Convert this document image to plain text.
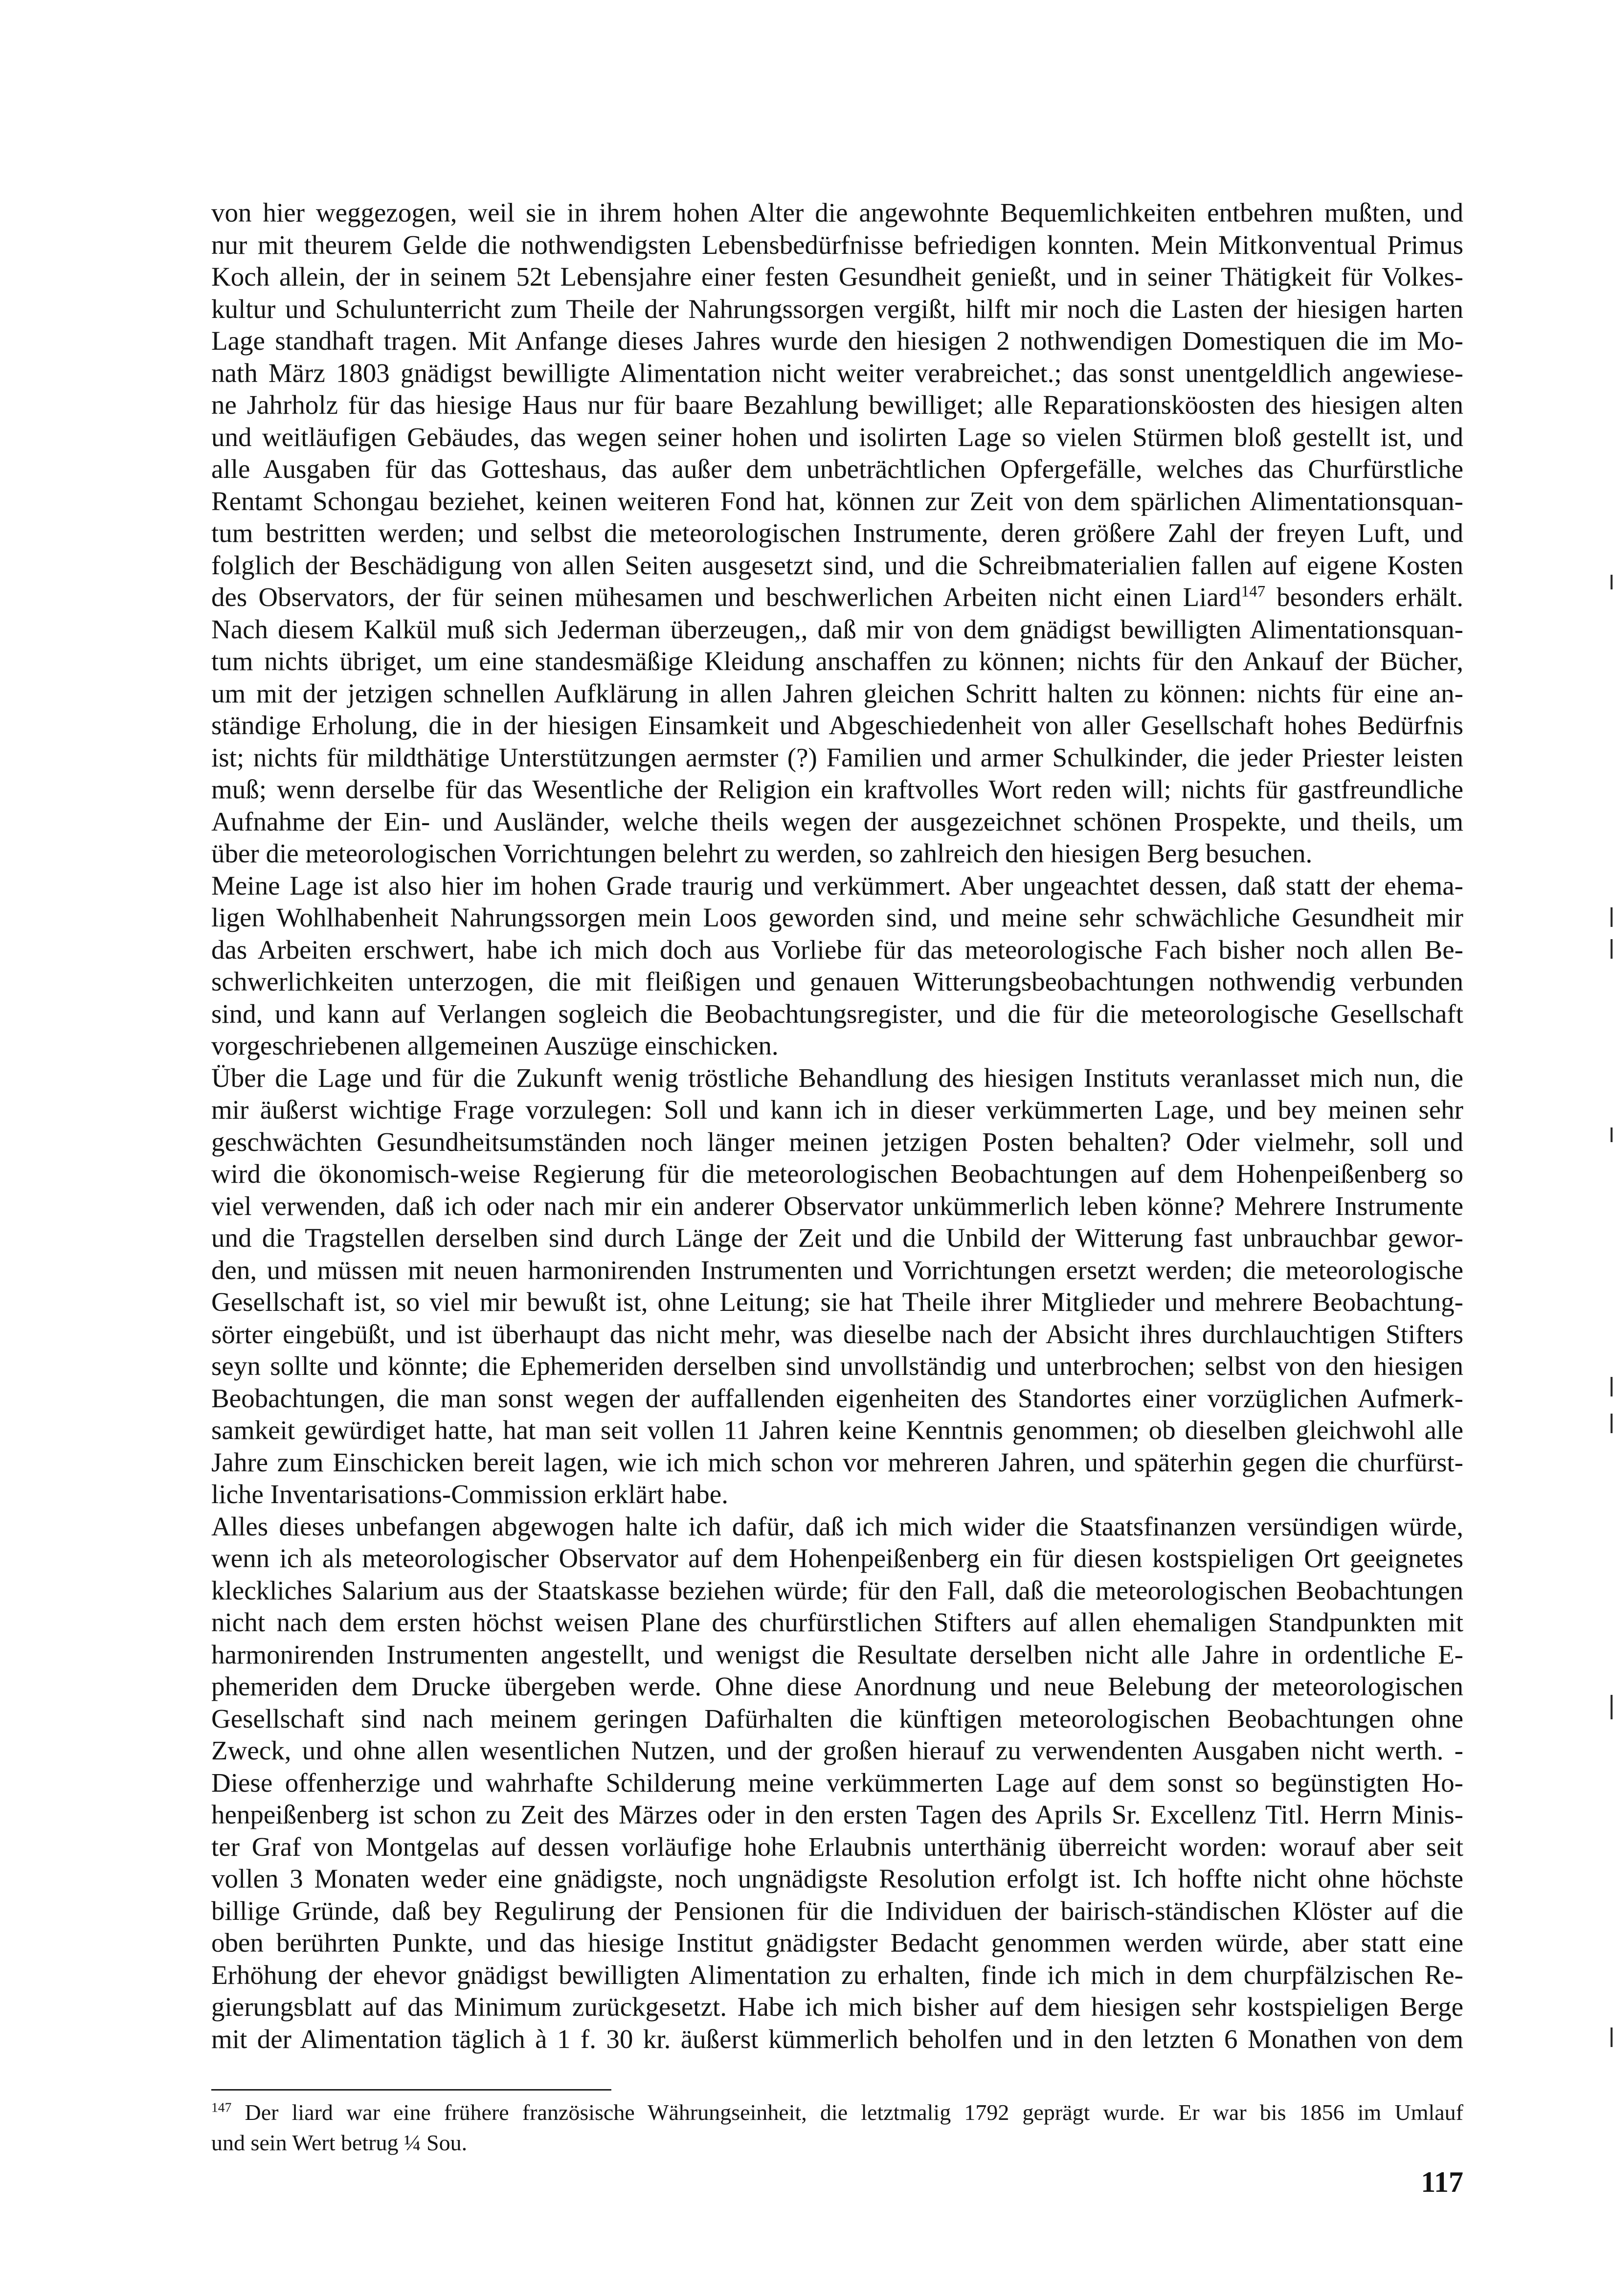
von hier weggezogen, weil sie in ihrem hohen Alter die angewohnte Bequemlichkeiten entbehren mußten, und
nur mit theurem Gelde die nothwendigsten Lebensbedürfnisse befriedigen konnten. Mein Mitkonventual Primus
Koch allein, der in seinem 52t Lebensjahre einer festen Gesundheit genießt, und in seiner Thätigkeit für Volkes-
kultur und Schulunterricht zum Theile der Nahrungssorgen vergißt, hilft mir noch die Lasten der hiesigen harten
Lage standhaft tragen. Mit Anfange dieses Jahres wurde den hiesigen 2 nothwendigen Domestiquen die im Mo-
nath März 1803 gnädigst bewilligte Alimentation nicht weiter verabreichet.; das sonst unentgeldlich angewiese-
ne Jahrholz für das hiesige Haus nur für baare Bezahlung bewilliget; alle Reparationsköosten des hiesigen alten
und weitläufigen Gebäudes, das wegen seiner hohen und isolirten Lage so vielen Stürmen bloß gestellt ist, und
alle Ausgaben für das Gotteshaus, das außer dem unbeträchtlichen Opfergefälle, welches das Churfürstliche
Rentamt Schongau beziehet, keinen weiteren Fond hat, können zur Zeit von dem spärlichen Alimentationsquan-
tum bestritten werden; und selbst die meteorologischen Instrumente, deren größere Zahl der freyen Luft, und
folglich der Beschädigung von allen Seiten ausgesetzt sind, und die Schreibmaterialien fallen auf eigene Kosten
des Observators, der für seinen mühesamen und beschwerlichen Arbeiten nicht einen Liard$^{147}$ besonders erhält.
Nach diesem Kalkül muß sich Jederman überzeugen,, daß mir von dem gnädigst bewilligten Alimentationsquan-
tum nichts übriget, um eine standesmäßige Kleidung anschaffen zu können; nichts für den Ankauf der Bücher,
um mit der jetzigen schnellen Aufklärung in allen Jahren gleichen Schritt halten zu können: nichts für eine an-
ständige Erholung, die in der hiesigen Einsamkeit und Abgeschiedenheit von aller Gesellschaft hohes Bedürfnis
ist; nichts für mildthätige Unterstützungen aermster (?) Familien und armer Schulkinder, die jeder Priester leisten
muß; wenn derselbe für das Wesentliche der Religion ein kraftvolles Wort reden will; nichts für gastfreundliche
Aufnahme der Ein- und Ausländer, welche theils wegen der ausgezeichnet schönen Prospekte, und theils, um
über die meteorologischen Vorrichtungen belehrt zu werden, so zahlreich den hiesigen Berg besuchen.
Meine Lage ist also hier im hohen Grade traurig und verkümmert. Aber ungeachtet dessen, daß statt der ehema-
ligen Wohlhabenheit Nahrungssorgen mein Loos geworden sind, und meine sehr schwächliche Gesundheit mir
das Arbeiten erschwert, habe ich mich doch aus Vorliebe für das meteorologische Fach bisher noch allen Be-
schwerlichkeiten unterzogen, die mit fleißigen und genauen Witterungsbeobachtungen nothwendig verbunden
sind, und kann auf Verlangen sogleich die Beobachtungsregister, und die für die meteorologische Gesellschaft
vorgeschriebenen allgemeinen Auszüge einschicken.
Über die Lage und für die Zukunft wenig tröstliche Behandlung des hiesigen Instituts veranlasset mich nun, die
mir äußerst wichtige Frage vorzulegen: Soll und kann ich in dieser verkümmerten Lage, und bey meinen sehr
geschwächten Gesundheitsumständen noch länger meinen jetzigen Posten behalten? Oder vielmehr, soll und
wird die ökonomisch-weise Regierung für die meteorologischen Beobachtungen auf dem Hohenpeißenberg so
viel verwenden, daß ich oder nach mir ein anderer Observator unkümmerlich leben könne? Mehrere Instrumente
und die Tragstellen derselben sind durch Länge der Zeit und die Unbild der Witterung fast unbrauchbar gewor-
den, und müssen mit neuen harmonirenden Instrumenten und Vorrichtungen ersetzt werden; die meteorologische
Gesellschaft ist, so viel mir bewußt ist, ohne Leitung; sie hat Theile ihrer Mitglieder und mehrere Beobachtung-
sörter eingebüßt, und ist überhaupt das nicht mehr, was dieselbe nach der Absicht ihres durchlauchtigen Stifters
seyn sollte und könnte; die Ephemeriden derselben sind unvollständig und unterbrochen; selbst von den hiesigen
Beobachtungen, die man sonst wegen der auffallenden eigenheiten des Standortes einer vorzüglichen Aufmerk-
samkeit gewürdiget hatte, hat man seit vollen 11 Jahren keine Kenntnis genommen; ob dieselben gleichwohl alle
Jahre zum Einschicken bereit lagen, wie ich mich schon vor mehreren Jahren, und späterhin gegen die churfürst-
liche Inventarisations-Commission erklärt habe.
Alles dieses unbefangen abgewogen halte ich dafür, daß ich mich wider die Staatsfinanzen versündigen würde,
wenn ich als meteorologischer Observator auf dem Hohenpeißenberg ein für diesen kostspieligen Ort geeignetes
kleckliches Salarium aus der Staatskasse beziehen würde; für den Fall, daß die meteorologischen Beobachtungen
nicht nach dem ersten höchst weisen Plane des churfürstlichen Stifters auf allen ehemaligen Standpunkten mit
harmonirenden Instrumenten angestellt, und wenigst die Resultate derselben nicht alle Jahre in ordentliche E-
phemeriden dem Drucke übergeben werde. Ohne diese Anordnung und neue Belebung der meteorologischen
Gesellschaft sind nach meinem geringen Dafürhalten die künftigen meteorologischen Beobachtungen ohne
Zweck, und ohne allen wesentlichen Nutzen, und der großen hierauf zu verwendenten Ausgaben nicht werth. -
Diese offenherzige und wahrhafte Schilderung meine verkümmerten Lage auf dem sonst so begünstigten Ho-
henpeißenberg ist schon zu Zeit des Märzes oder in den ersten Tagen des Aprils Sr. Excellenz Titl. Herrn Minis-
ter Graf von Montgelas auf dessen vorläufige hohe Erlaubnis unterthänig überreicht worden: worauf aber seit
vollen 3 Monaten weder eine gnädigste, noch ungnädigste Resolution erfolgt ist. Ich hoffte nicht ohne höchste
billige Gründe, daß bey Regulirung der Pensionen für die Individuen der bairisch-ständischen Klöster auf die
oben berührten Punkte, und das hiesige Institut gnädigster Bedacht genommen werden würde, aber statt eine
Erhöhung der ehevor gnädigst bewilligten Alimentation zu erhalten, finde ich mich in dem churpfälzischen Re-
gierungsblatt auf das Minimum zurückgesetzt. Habe ich mich bisher auf dem hiesigen sehr kostspieligen Berge
mit der Alimentation täglich à 1 f. 30 kr. äußerst kümmerlich beholfen und in den letzten 6 Monathen von dem
$^{147}$ Der liard war eine frühere französische Währungseinheit, die letztmalig 1792 geprägt wurde. Er war bis 1856 im Umlauf
und sein Wert betrug ¼ Sou.
117
